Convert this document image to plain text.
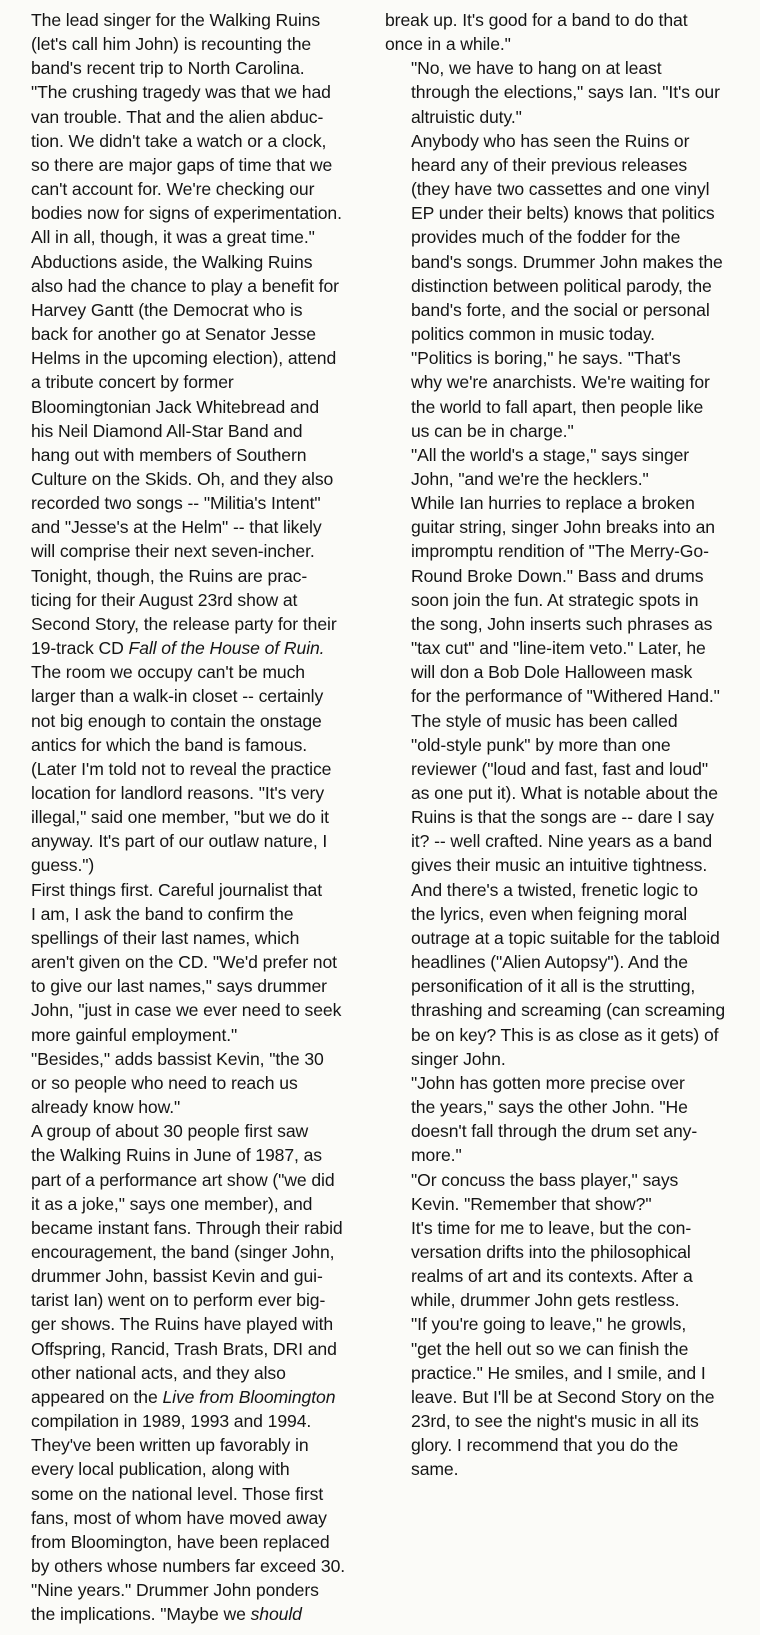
The lead singer for the Walking Ruins
(let's call him John) is recounting the
band's recent trip to North Carolina.
"The crushing tragedy was that we had
van trouble. That and the alien abduc-
tion. We didn't take a watch or a clock,
so there are major gaps of time that we
can't account for. We're checking our
bodies now for signs of experimentation.
All in all, though, it was a great time."

Abductions aside, the Walking Ruins
also had the chance to play a benefit for
Harvey Gantt (the Democrat who is
back for another go at Senator Jesse
Helms in the upcoming election), attend
a tribute concert by former
Bloomingtonian Jack Whitebread and
his Neil Diamond All-Star Band and
hang out with members of Southern
Culture on the Skids. Oh, and they also
recorded two songs -- "Militia's Intent"
and "Jesse's at the Helm" -- that likely
will comprise their next seven-incher.

Tonight, though, the Ruins are prac-
ticing for their August 23rd show at
Second Story, the release party for their
19-track CD Fall of the House of Ruin.
The room we occupy can't be much
larger than a walk-in closet -- certainly
not big enough to contain the onstage
antics for which the band is famous.
(Later I'm told not to reveal the practice
location for landlord reasons. "It's very
illegal," said one member, "but we do it
anyway. It's part of our outlaw nature, I
guess.")

First things first. Careful journalist that
I am, I ask the band to confirm the
spellings of their last names, which
aren't given on the CD. "We'd prefer not
to give our last names," says drummer
John, "just in case we ever need to seek
more gainful employment."

"Besides," adds bassist Kevin, "the 30
or so people who need to reach us
already know how."

A group of about 30 people first saw
the Walking Ruins in June of 1987, as
part of a performance art show ("we did
it as a joke," says one member), and
became instant fans. Through their rabid
encouragement, the band (singer John,
drummer John, bassist Kevin and gui-
tarist Ian) went on to perform ever big-
ger shows. The Ruins have played with
Offspring, Rancid, Trash Brats, DRI and
other national acts, and they also
appeared on the Live from Bloomington
compilation in 1989, 1993 and 1994.
They've been written up favorably in
every local publication, along with
some on the national level. Those first
fans, most of whom have moved away
from Bloomington, have been replaced
by others whose numbers far exceed 30.

"Nine years." Drummer John ponders
the implications. "Maybe we should

break up. It's good for a band to do that
once in a while."

"No, we have to hang on at least
through the elections," says Ian. "It's our
altruistic duty."

Anybody who has seen the Ruins or
heard any of their previous releases
(they have two cassettes and one vinyl
EP under their belts) knows that politics
provides much of the fodder for the
band's songs. Drummer John makes the
distinction between political parody, the
band's forte, and the social or personal
politics common in music today.

"Politics is boring," he says. "That's
why we're anarchists. We're waiting for
the world to fall apart, then people like
us can be in charge."

"All the world's a stage," says singer
John, "and we're the hecklers."

While Ian hurries to replace a broken
guitar string, singer John breaks into an
impromptu rendition of "The Merry-Go-
Round Broke Down." Bass and drums
soon join the fun. At strategic spots in
the song, John inserts such phrases as
"tax cut" and "line-item veto." Later, he
will don a Bob Dole Halloween mask
for the performance of "Withered Hand."

The style of music has been called
"old-style punk" by more than one
reviewer ("loud and fast, fast and loud"
as one put it). What is notable about the
Ruins is that the songs are -- dare I say
it? -- well crafted. Nine years as a band
gives their music an intuitive tightness.
And there's a twisted, frenetic logic to
the lyrics, even when feigning moral
outrage at a topic suitable for the tabloid
headlines ("Alien Autopsy"). And the
personification of it all is the strutting,
thrashing and screaming (can screaming
be on key? This is as close as it gets) of
singer John.

"John has gotten more precise over
the years," says the other John. "He
doesn't fall through the drum set any-
more."

"Or concuss the bass player," says
Kevin. "Remember that show?"

It's time for me to leave, but the con-
versation drifts into the philosophical
realms of art and its contexts. After a
while, drummer John gets restless.

"If you're going to leave," he growls,
"get the hell out so we can finish the
practice." He smiles, and I smile, and I
leave. But I'll be at Second Story on the
23rd, to see the night's music in all its
glory. I recommend that you do the
same.
